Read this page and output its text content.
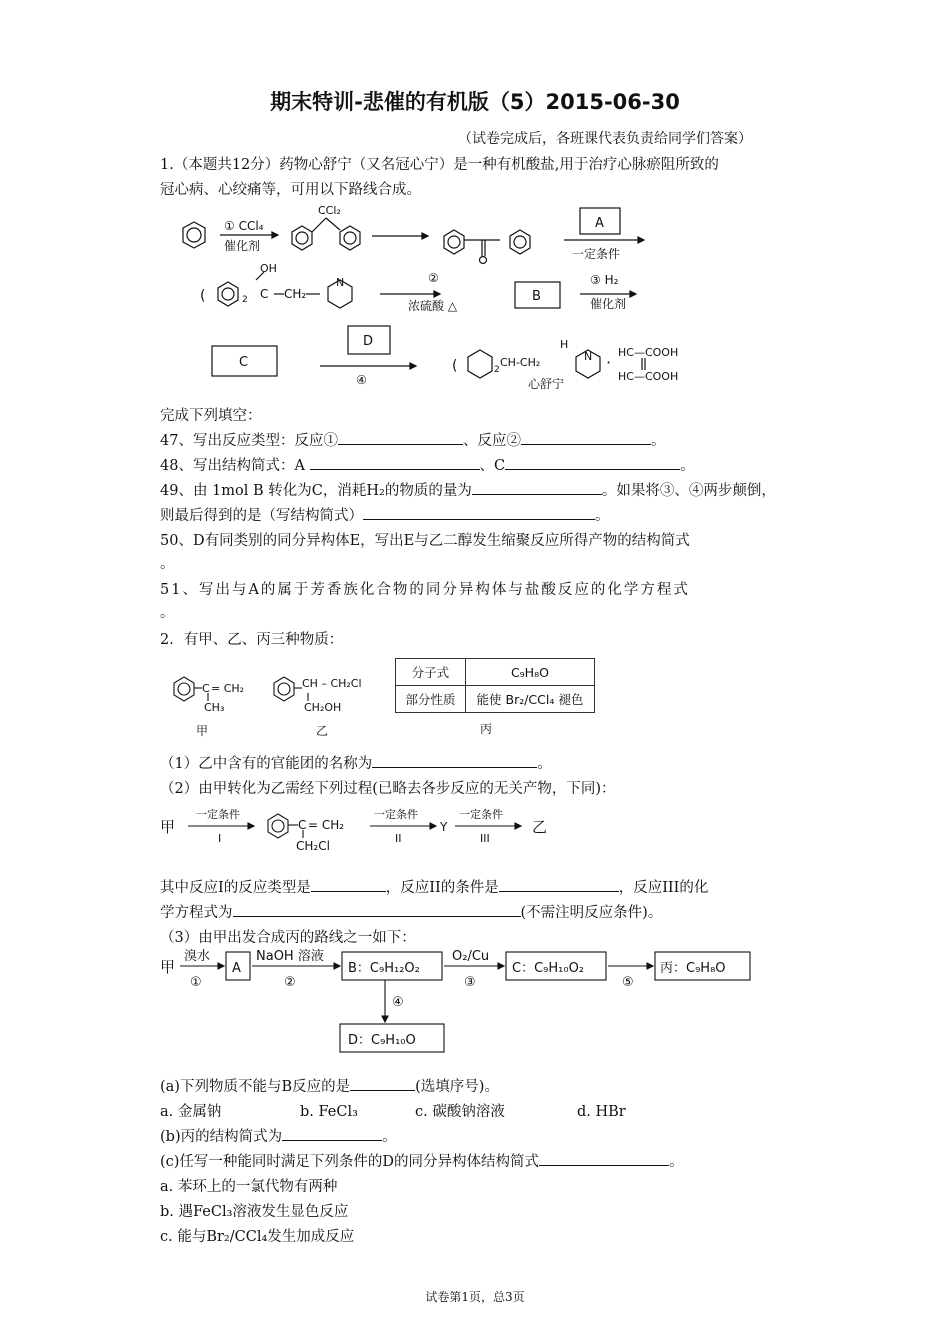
期末特训-悲催的有机版（5）2015-06-30
（试卷完成后，各班课代表负责给同学们答案）
1.（本题共12分）药物心舒宁（又名冠心宁）是一种有机酸盐,用于治疗心脉瘀阻所致的
冠心病、心绞痛等，可用以下路线合成。
① CCl₄
催化剂
CCl₂
A
一定条件
(	2
OH
C CH₂
N	②
浓硫酸 △
B
③ H₂
催化剂
C
D
④
(	2
CH-CH₂
H
N ·
HC—COOH
HC—COOH
心舒宁
完成下列填空：
47、写出反应类型：反应①	、反应②	。
48、写出结构简式：A	、C	。
49、由 1mol B 转化为C，消耗H₂的物质的量为	。如果将③、④两步颠倒，
则最后得到的是（写结构简式）	。
50、D有同类别的同分异构体E，写出E与乙二醇发生缩聚反应所得产物的结构简式
。
51、写出与A的属于芳香族化合物的同分异构体与盐酸反应的化学方程式
。
2．有甲、乙、丙三种物质：
C = CH₂
CH₃
CH – CH₂Cl
CH₂OH
甲	乙
分子式	C₉H₈O
部分性质	能使 Br₂/CCl₄ 褪色
丙
（1）乙中含有的官能团的名称为	。
（2）由甲转化为乙需经下列过程(已略去各步反应的无关产物，下同)：
甲
一定条件
I
C = CH₂
CH₂Cl
一定条件
II
Y
一定条件
III
乙
其中反应I的反应类型是	，反应II的条件是	，反应III的化
学方程式为	(不需注明反应条件)。
（3）由甲出发合成丙的路线之一如下：
甲
溴水
①
A
NaOH 溶液
②
B：C₉H₁₂O₂
O₂/Cu
③
C：C₉H₁₀O₂
⑤
丙：C₉H₈O
④
D：C₉H₁₀O
(a)下列物质不能与B反应的是	(选填序号)。
a. 金属钠	b. FeCl₃	c. 碳酸钠溶液	d. HBr
(b)丙的结构简式为	。
(c)任写一种能同时满足下列条件的D的同分异构体结构简式	。
a. 苯环上的一氯代物有两种
b. 遇FeCl₃溶液发生显色反应
c. 能与Br₂/CCl₄发生加成反应
试卷第1页，总3页
